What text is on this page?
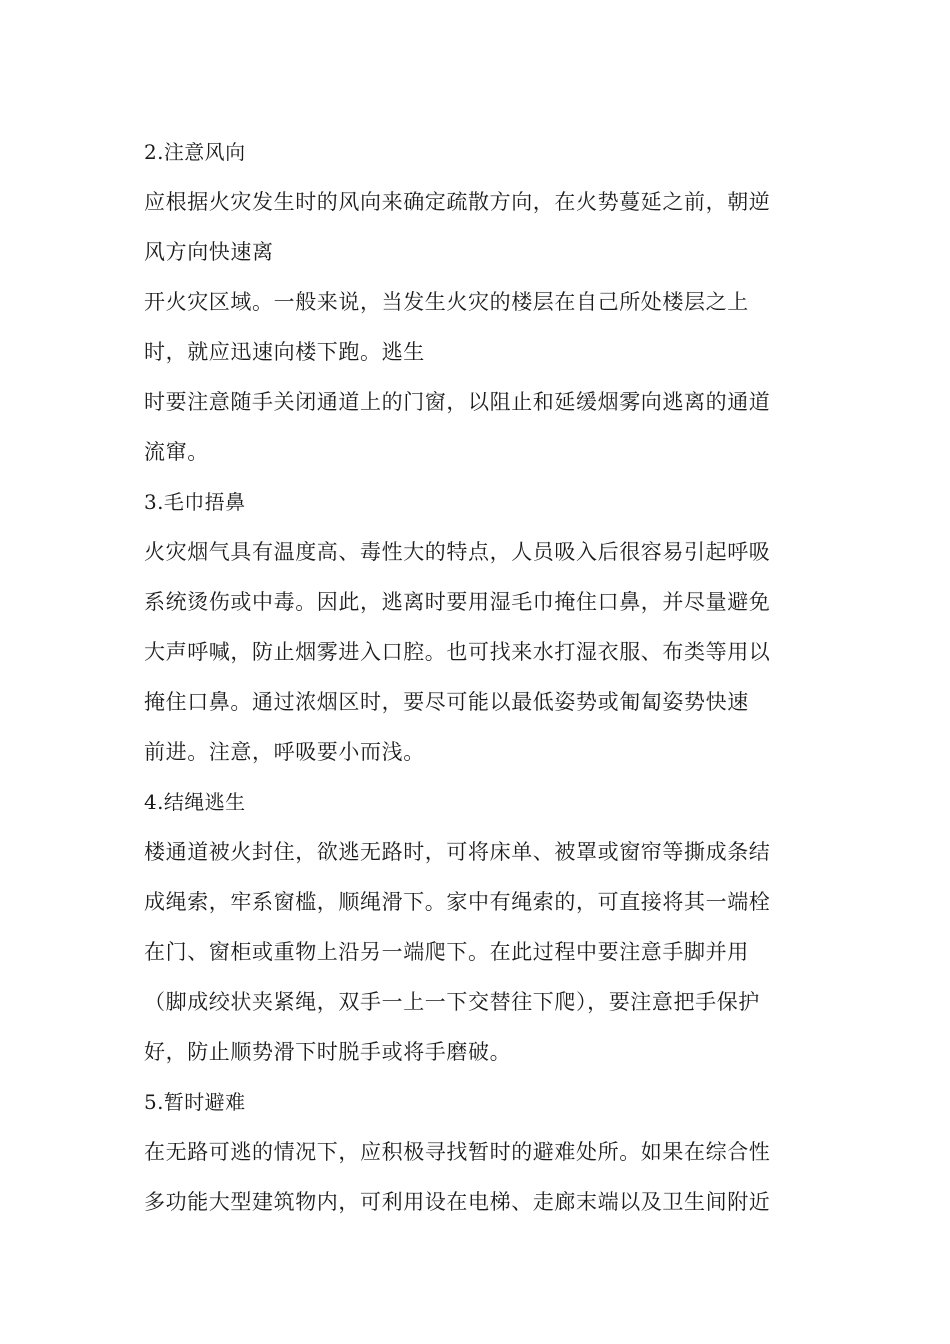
2.注意风向
应根据火灾发生时的风向来确定疏散方向，在火势蔓延之前，朝逆
风方向快速离
开火灾区域。一般来说，当发生火灾的楼层在自己所处楼层之上
时，就应迅速向楼下跑。逃生
时要注意随手关闭通道上的门窗，以阻止和延缓烟雾向逃离的通道
流窜。
3.毛巾捂鼻
火灾烟气具有温度高、毒性大的特点，人员吸入后很容易引起呼吸
系统烫伤或中毒。因此，逃离时要用湿毛巾掩住口鼻，并尽量避免
大声呼喊，防止烟雾进入口腔。也可找来水打湿衣服、布类等用以
掩住口鼻。通过浓烟区时，要尽可能以最低姿势或匍匐姿势快速
前进。注意，呼吸要小而浅。
4.结绳逃生
楼通道被火封住，欲逃无路时，可将床单、被罩或窗帘等撕成条结
成绳索，牢系窗槛，顺绳滑下。家中有绳索的，可直接将其一端栓
在门、窗柜或重物上沿另一端爬下。在此过程中要注意手脚并用
（脚成绞状夹紧绳，双手一上一下交替往下爬），要注意把手保护
好，防止顺势滑下时脱手或将手磨破。
5.暂时避难
在无路可逃的情况下，应积极寻找暂时的避难处所。如果在综合性
多功能大型建筑物内，可利用设在电梯、走廊末端以及卫生间附近
